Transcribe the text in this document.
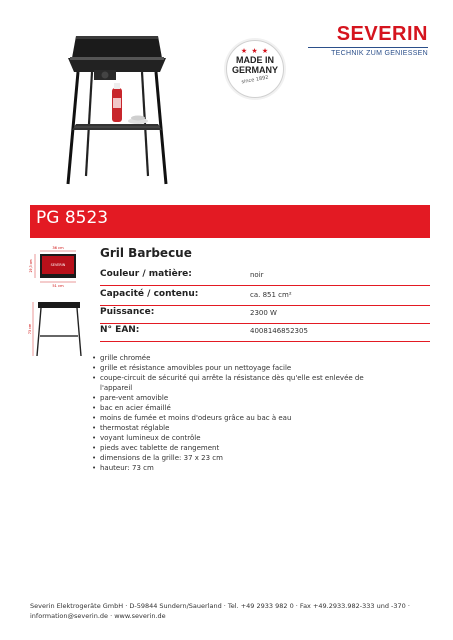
SEVERIN
TECHNIK ZUM GENIESSEN
★ ★ ★
MADE IN
GERMANY
since 1892
PG 8523
36 cm
SEVERIN
29,3 cm
51 cm
73 cm
Gril Barbecue
Couleur / matière:	noir
Capacité / contenu:	ca. 851 cm²
Puissance:	2300 W
N° EAN:	4008146852305
• grille chromée
• grille et résistance amovibles pour un nettoyage facile
• coupe-circuit de sécurité qui arrête la résistance dès qu'elle est enlevée de
l'appareil
• pare-vent amovible
• bac en acier émaillé
• moins de fumée et moins d'odeurs grâce au bac à eau
• thermostat réglable
• voyant lumineux de contrôle
• pieds avec tablette de rangement
• dimensions de la grille: 37 x 23 cm
• hauteur: 73 cm
Severin Elektrogeräte GmbH · D-59844 Sundern/Sauerland · Tel. +49 2933 982 0 · Fax +49.2933.982-333 und -370 ·
information@severin.de · www.severin.de
